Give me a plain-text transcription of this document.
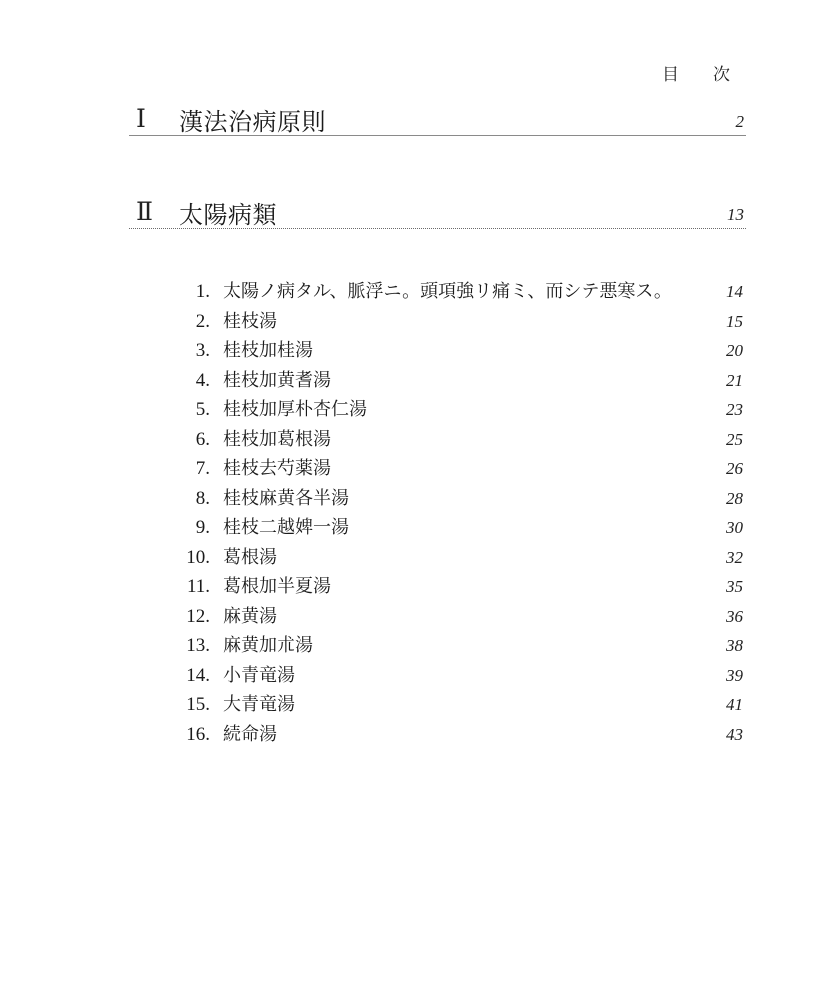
目 次
Ⅰ 漢法治病原則	2
Ⅱ 太陽病類	13
1. 太陽ノ病タル、脈浮ニ。頭項強リ痛ミ、而シテ悪寒ス。	14
2. 桂枝湯	15
3. 桂枝加桂湯	20
4. 桂枝加黄耆湯	21
5. 桂枝加厚朴杏仁湯	23
6. 桂枝加葛根湯	25
7. 桂枝去芍薬湯	26
8. 桂枝麻黄各半湯	28
9. 桂枝二越婢一湯	30
10. 葛根湯	32
11. 葛根加半夏湯	35
12. 麻黄湯	36
13. 麻黄加朮湯	38
14. 小青竜湯	39
15. 大青竜湯	41
16. 続命湯	43
